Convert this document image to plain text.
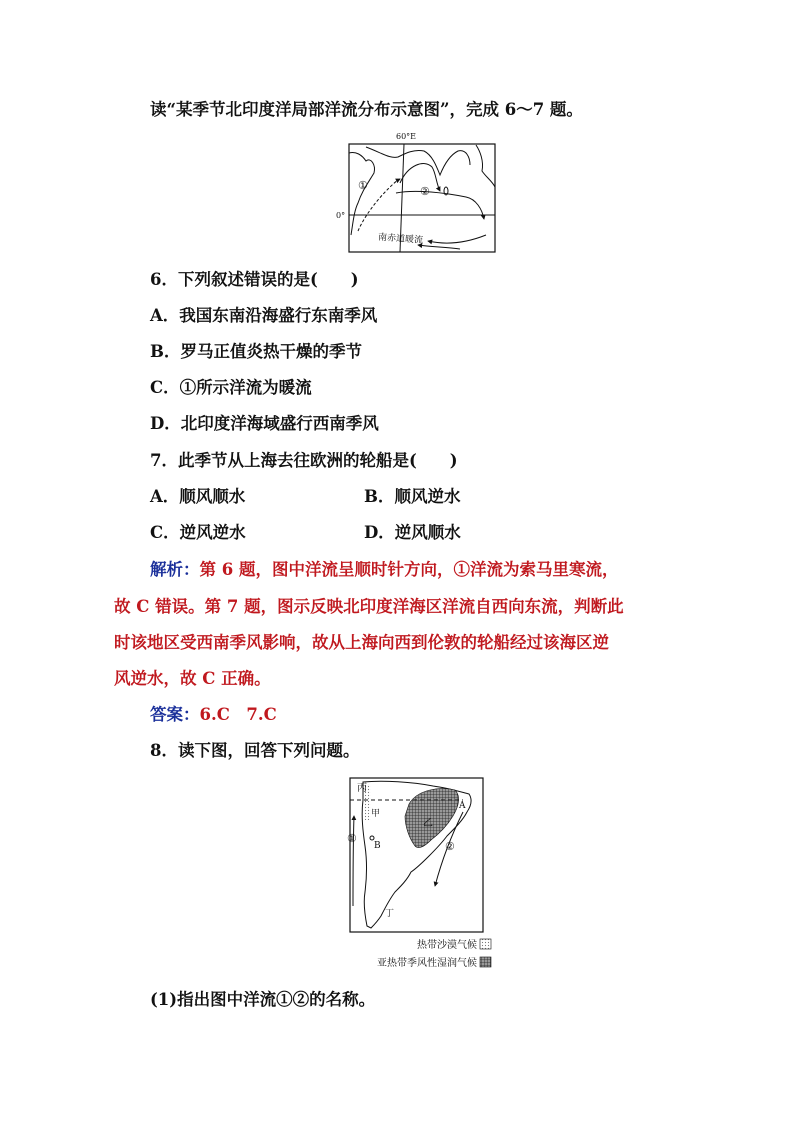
读“某季节北印度洋局部洋流分布示意图”，完成 6～7 题。
60°E
0°
①	②
南赤道暖流
6．下列叙述错误的是(　　)
A．我国东南沿海盛行东南季风
B．罗马正值炎热干燥的季节
C．①所示洋流为暖流
D．北印度洋海域盛行西南季风
7．此季节从上海去往欧洲的轮船是(　　)
A．顺风顺水	B．顺风逆水
C．逆风逆水	D．逆风顺水
解析：第 6 题，图中洋流呈顺时针方向，①洋流为索马里寒流，
故 C 错误。第 7 题，图示反映北印度洋海区洋流自西向东流，判断此
时该地区受西南季风影响，故从上海向西到伦敦的轮船经过该海区逆
风逆水，故 C 正确。
答案：6.C　7.C
8．读下图，回答下列问题。
丙
甲
乙
A
B
丁
①
②
热带沙漠气候
亚热带季风性湿润气候
(1)指出图中洋流①②的名称。
